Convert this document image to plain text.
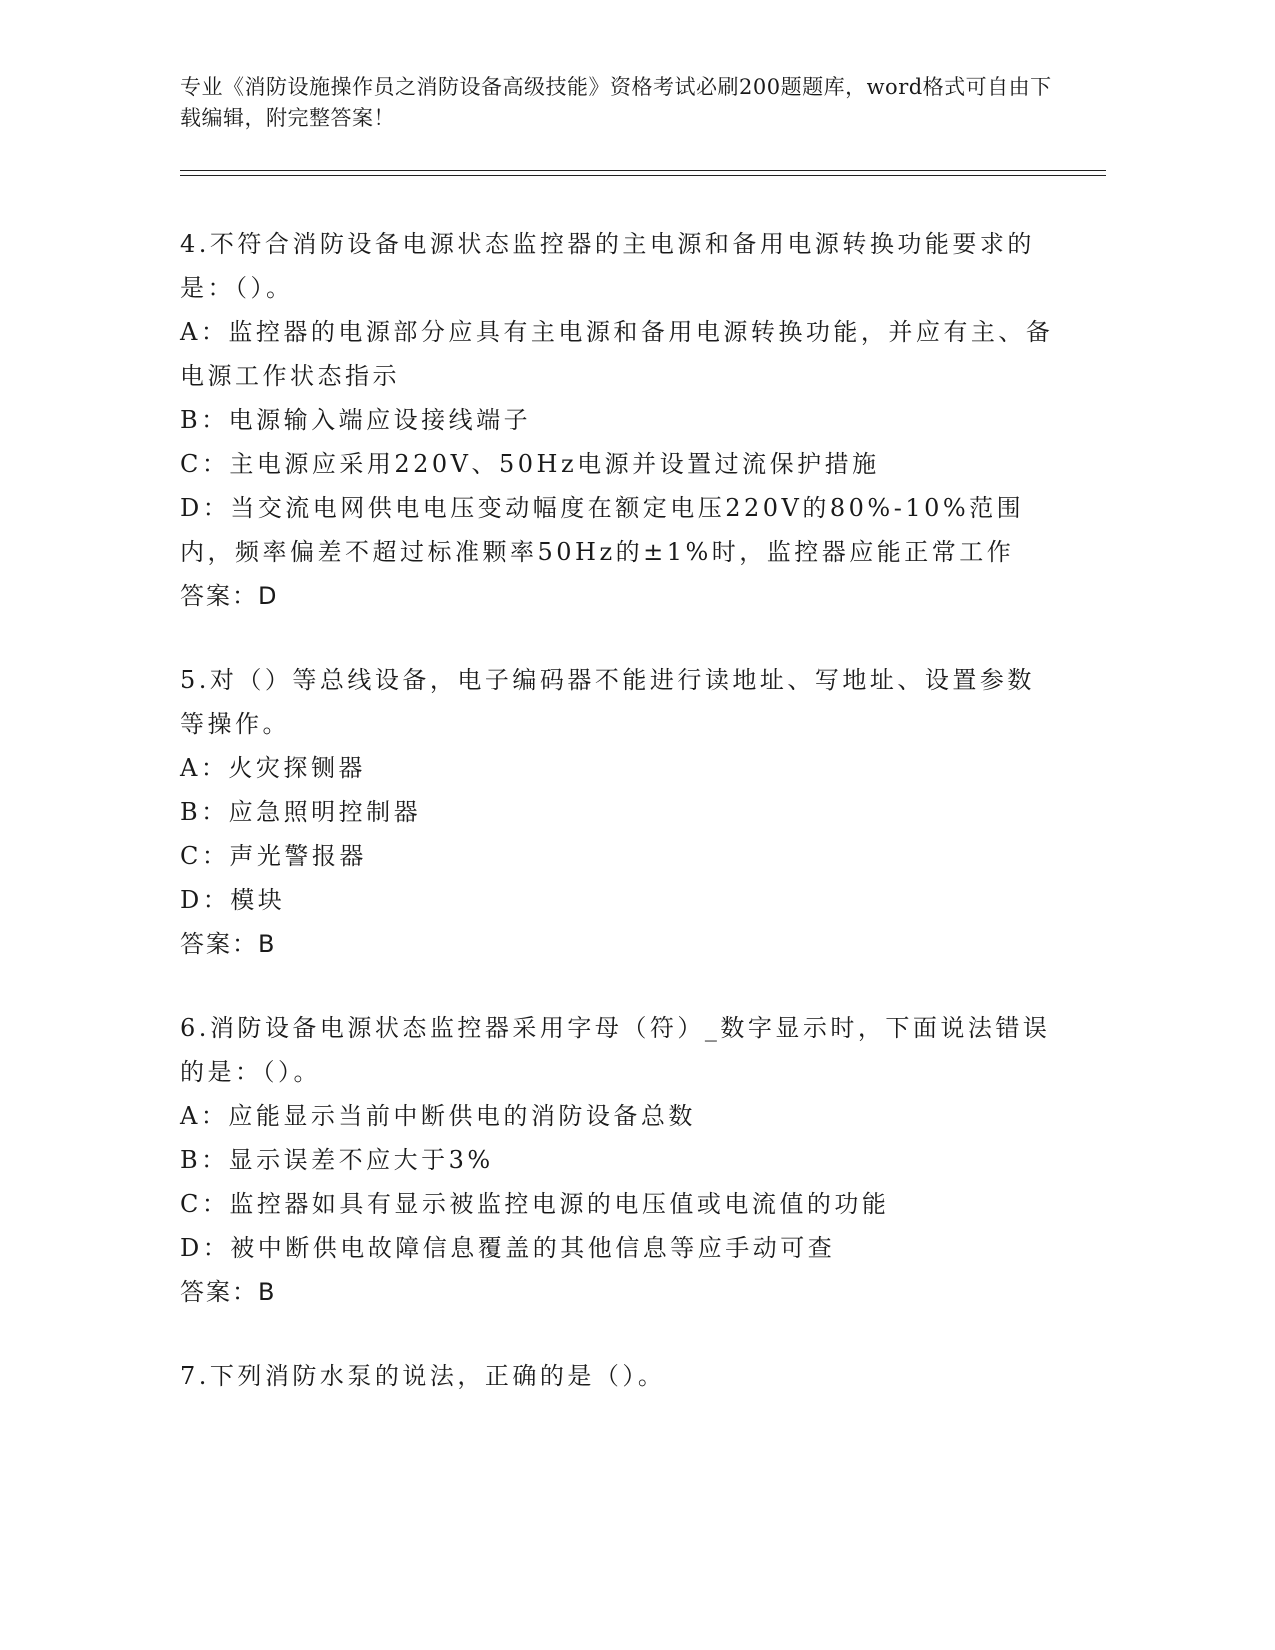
专业《消防设施操作员之消防设备高级技能》资格考试必刷200题题库，word格式可自由下载编辑，附完整答案！

4.不符合消防设备电源状态监控器的主电源和备用电源转换功能要求的是：（）。

A：监控器的电源部分应具有主电源和备用电源转换功能，并应有主、备电源工作状态指示

B：电源输入端应设接线端子

C：主电源应采用220V、50Hz电源并设置过流保护措施

D：当交流电网供电电压变动幅度在额定电压220V的80%-10%范围内，频率偏差不超过标准颗率50Hz的±1%时，监控器应能正常工作

答案：D

5.对（）等总线设备，电子编码器不能进行读地址、写地址、设置参数等操作。

A：火灾探铡器

B：应急照明控制器

C：声光警报器

D：模块

答案：B

6.消防设备电源状态监控器采用字母（符）_数字显示时，下面说法错误的是：（）。

A：应能显示当前中断供电的消防设备总数

B：显示误差不应大于3%

C：监控器如具有显示被监控电源的电压值或电流值的功能

D：被中断供电故障信息覆盖的其他信息等应手动可查

答案：B

7.下列消防水泵的说法，正确的是（）。
